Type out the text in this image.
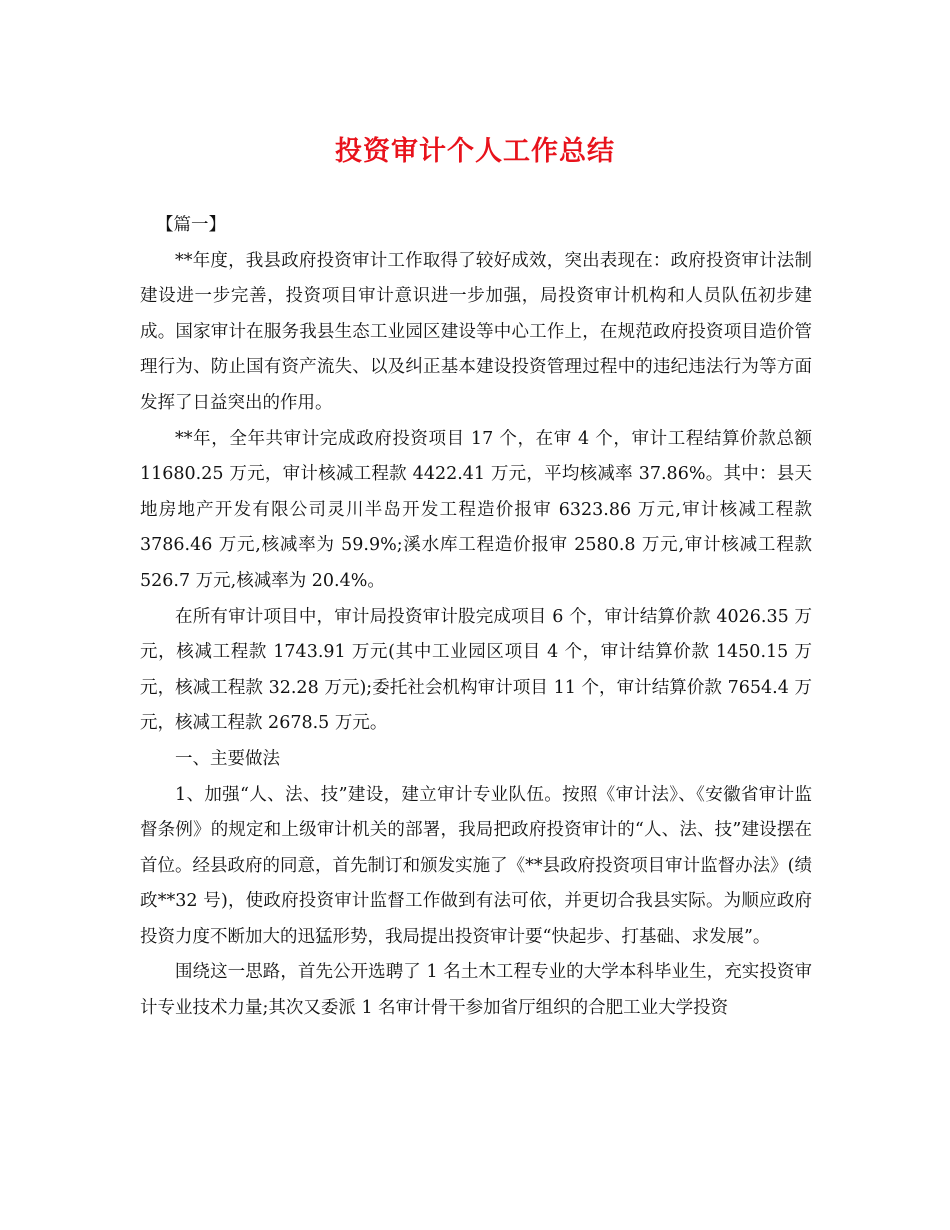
投资审计个人工作总结

【篇一】

**年度，我县政府投资审计工作取得了较好成效，突出表现在：政府投资审计法制建设进一步完善，投资项目审计意识进一步加强，局投资审计机构和人员队伍初步建成。国家审计在服务我县生态工业园区建设等中心工作上，在规范政府投资项目造价管理行为、防止国有资产流失、以及纠正基本建设投资管理过程中的违纪违法行为等方面发挥了日益突出的作用。

**年，全年共审计完成政府投资项目 17 个，在审 4 个，审计工程结算价款总额 11680.25 万元，审计核减工程款 4422.41 万元，平均核减率 37.86%。其中：县天地房地产开发有限公司灵川半岛开发工程造价报审 6323.86 万元,审计核减工程款 3786.46 万元,核减率为 59.9%;溪水库工程造价报审 2580.8 万元,审计核减工程款 526.7 万元,核减率为 20.4%。

在所有审计项目中，审计局投资审计股完成项目 6 个，审计结算价款 4026.35 万元，核减工程款 1743.91 万元(其中工业园区项目 4 个，审计结算价款 1450.15 万元，核减工程款 32.28 万元);委托社会机构审计项目 11 个，审计结算价款 7654.4 万元，核减工程款 2678.5 万元。

一、主要做法

1、加强“人、法、技”建设，建立审计专业队伍。按照《审计法》、《安徽省审计监督条例》的规定和上级审计机关的部署，我局把政府投资审计的“人、法、技”建设摆在首位。经县政府的同意，首先制订和颁发实施了《**县政府投资项目审计监督办法》(绩政**32 号)，使政府投资审计监督工作做到有法可依，并更切合我县实际。为顺应政府投资力度不断加大的迅猛形势，我局提出投资审计要“快起步、打基础、求发展”。

围绕这一思路，首先公开选聘了 1 名土木工程专业的大学本科毕业生，充实投资审计专业技术力量;其次又委派 1 名审计骨干参加省厅组织的合肥工业大学投资
